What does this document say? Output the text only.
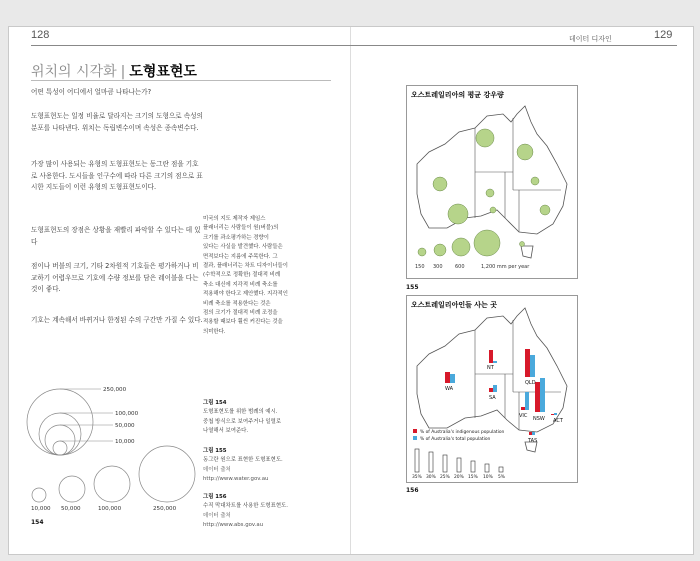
128
위치의 시각화 | 도형표현도

어떤 특성이 어디에서 얼마큼 나타나는가?

도형표현도는 일정 비율로 달라지는 크기의 도형으로 속성의 분포를 나타낸다. 위치는 독립변수이며 속성은 종속변수다.

가장 많이 사용되는 유형의 도형표현도는 동그란 점을 기호로 사용한다. 도시들을 인구수에 따라 다른 크기의 점으로 표시한 지도들이 이런 유형의 도형표현도이다.

도형표현도의 장점은 상황을 재빨리 파악할 수 있다는 데 있다

점이나 버블의 크기, 기타 2차원적 기호들은 평가하거나 비교하기 어렵우므로 기호에 수량 정보를 담은 레이블을 다는 것이 좋다.

기호는 계속해서 바뀌거나 한정된 수의 구간만 가질 수 있다.

미국의 지도 제작자 제임스
플래너리는 사람들이 원(버블)의
크기를 과소평가하는 경향이
있다는 사실을 발견했다. 사람들은
면적보다는 지름에 주목한다. 그
결과, 플래너리는 차트 디자이너들이
(수학적으로 정확한) 절대적 비례
축소 대신에 지각적 비례 축소를
적용해야 한다고 제안했다. 지각적인
비례 축소를 적용한다는 것은
점의 크기가 절대적 비례 조정을
적용할 때보다 훨씬 커진다는 것을
의미한다.
250,000
100,000
50,000
10,000
10,000 50,000	100,000	250,000
154
그림 154
도형표현도를 위한 범례의 예시.
중첩 방식으로 보여주거나 일렬로
나열해서 보여준다.
그림 155
동그란 원으로 표현한 도형표현도.
데이터 출처
http://www.water.gov.au
그림 156
수직 막대차트를 사용한 도형표현도.
데이터 출처
http://www.abs.gov.au
데이터 디자인	129
오스트레일리아의 평균 강우량
150 300 600	1,200 mm per year
155
오스트레일리아인들 사는 곳
NT
QLD
WA
SA
NSW
VIC
ACT
TAS
% of Australia's indigenous population
% of Australia's total population
35% 30% 25% 20% 15% 10% 5%
156
